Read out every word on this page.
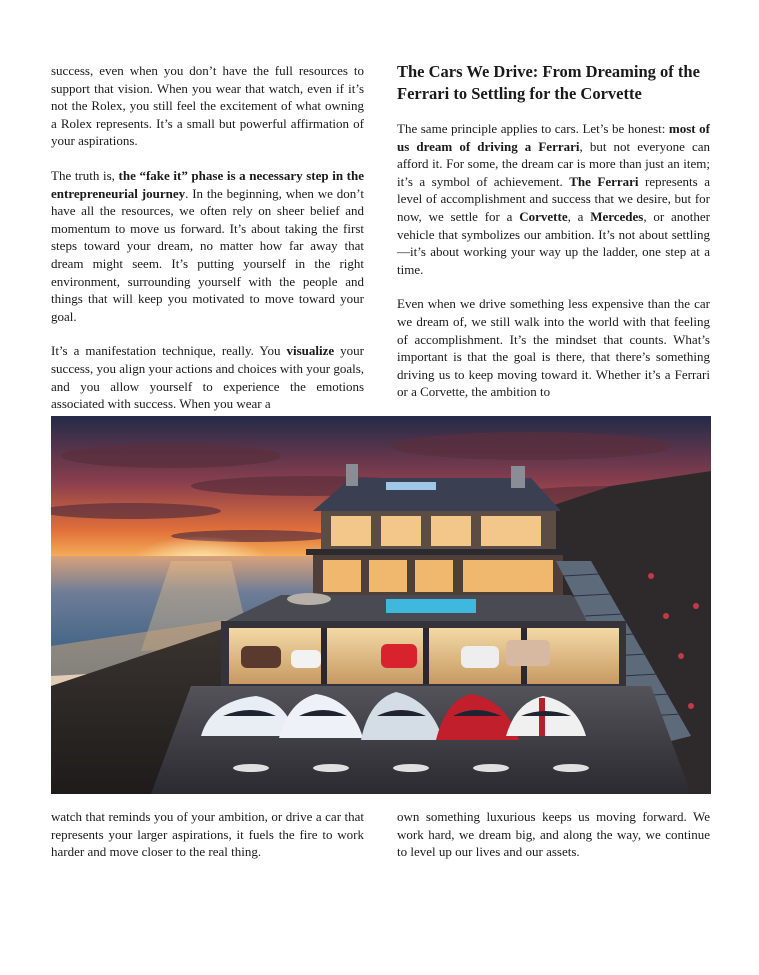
success, even when you don’t have the full resources to support that vision. When you wear that watch, even if it’s not the Rolex, you still feel the excitement of what owning a Rolex represents. It’s a small but powerful affirmation of your aspirations.

The truth is, the “fake it” phase is a necessary step in the entrepreneurial journey. In the beginning, when we don’t have all the resources, we often rely on sheer belief and momentum to move us forward. It’s about taking the first steps toward your dream, no matter how far away that dream might seem. It’s putting yourself in the right environment, surrounding yourself with the people and things that will keep you motivated to move toward your goal.

It’s a manifestation technique, really. You visualize your success, you align your actions and choices with your goals, and you allow yourself to experience the emotions associated with success. When you wear a

The Cars We Drive: From Dreaming of the Ferrari to Settling for the Corvette

The same principle applies to cars. Let’s be honest: most of us dream of driving a Ferrari, but not everyone can afford it. For some, the dream car is more than just an item; it’s a symbol of achievement. The Ferrari represents a level of accomplishment and success that we desire, but for now, we settle for a Corvette, a Mercedes, or another vehicle that symbolizes our ambition. It’s not about settling—it’s about working your way up the ladder, one step at a time.

Even when we drive something less expensive than the car we dream of, we still walk into the world with that feeling of accomplishment. It’s the mindset that counts. What’s important is that the goal is there, that there’s something driving us to keep moving toward it. Whether it’s a Ferrari or a Corvette, the ambition to

watch that reminds you of your ambition, or drive a car that represents your larger aspirations, it fuels the fire to work harder and move closer to the real thing.

own something luxurious keeps us moving forward. We work hard, we dream big, and along the way, we continue to level up our lives and our assets.
